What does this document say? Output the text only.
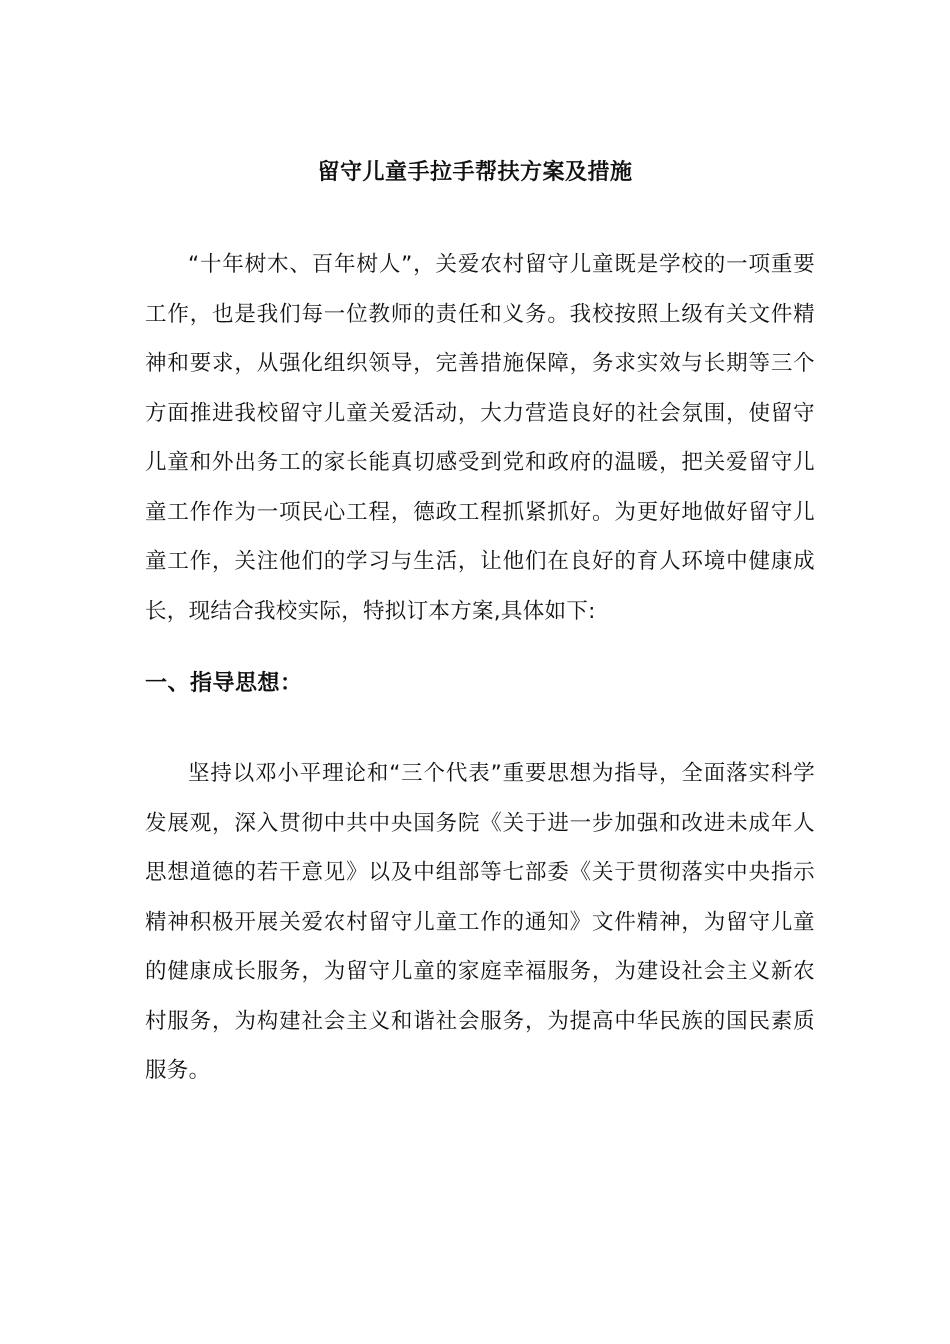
留守儿童手拉手帮扶方案及措施

“十年树木、百年树人”，关爱农村留守儿童既是学校的一项重要工作，也是我们每一位教师的责任和义务。我校按照上级有关文件精神和要求，从强化组织领导，完善措施保障，务求实效与长期等三个方面推进我校留守儿童关爱活动，大力营造良好的社会氛围，使留守儿童和外出务工的家长能真切感受到党和政府的温暖，把关爱留守儿童工作作为一项民心工程，德政工程抓紧抓好。为更好地做好留守儿童工作，关注他们的学习与生活，让他们在良好的育人环境中健康成长，现结合我校实际，特拟订本方案,具体如下:

一、指导思想：

坚持以邓小平理论和“三个代表”重要思想为指导，全面落实科学发展观，深入贯彻中共中央国务院《关于进一步加强和改进未成年人思想道德的若干意见》以及中组部等七部委《关于贯彻落实中央指示精神积极开展关爱农村留守儿童工作的通知》文件精神，为留守儿童的健康成长服务，为留守儿童的家庭幸福服务，为建设社会主义新农村服务，为构建社会主义和谐社会服务，为提高中华民族的国民素质服务。
